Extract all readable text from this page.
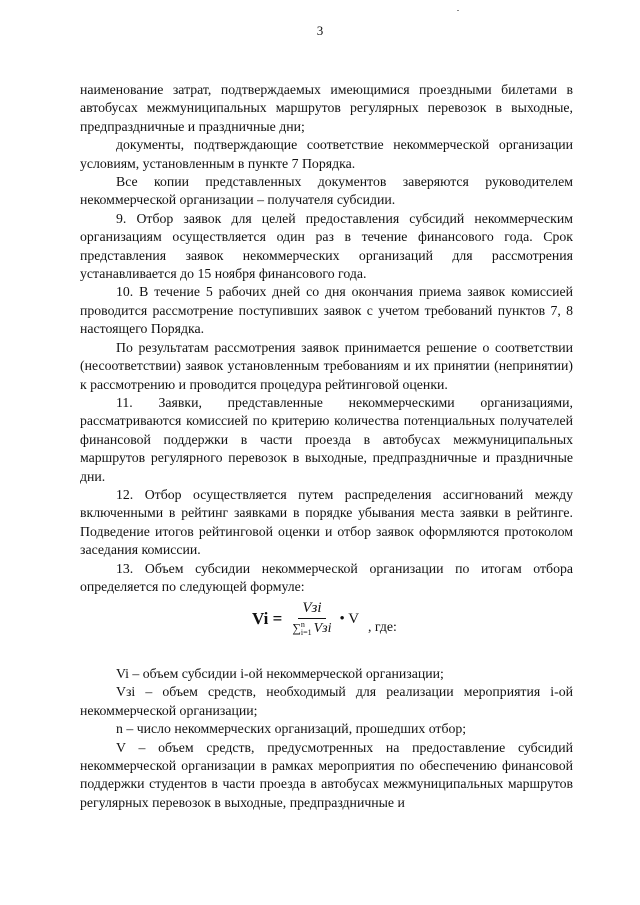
3

наименование затрат, подтверждаемых имеющимися проездными билетами в автобусах межмуниципальных маршрутов регулярных перевозок в выходные, предпраздничные и праздничные дни;

документы, подтверждающие соответствие некоммерческой организации условиям, установленным в пункте 7 Порядка.

Все копии представленных документов заверяются руководителем некоммерческой организации – получателя субсидии.

9. Отбор заявок для целей предоставления субсидий некоммерческим организациям осуществляется один раз в течение финансового года. Срок представления заявок некоммерческих организаций для рассмотрения устанавливается до 15 ноября финансового года.

10. В течение 5 рабочих дней со дня окончания приема заявок комиссией проводится рассмотрение поступивших заявок с учетом требований пунктов 7, 8 настоящего Порядка.

По результатам рассмотрения заявок принимается решение о соответствии (несоответствии) заявок установленным требованиям и их принятии (непринятии) к рассмотрению и проводится процедура рейтинговой оценки.

11. Заявки, представленные некоммерческими организациями, рассматриваются комиссией по критерию количества потенциальных получателей финансовой поддержки в части проезда в автобусах межмуниципальных маршрутов регулярного перевозок в выходные, предпраздничные и праздничные дни.

12. Отбор осуществляется путем распределения ассигнований между включенными в рейтинг заявками в порядке убывания места заявки в рейтинге. Подведение итогов рейтинговой оценки и отбор заявок оформляются протоколом заседания комиссии.

13. Объем субсидии некоммерческой организации по итогам отбора определяется по следующей формуле:

Vi = Vзi
∑ n
i=1 Vзi • V , где:

Vi – объем субсидии i-ой некоммерческой организации;

Vзi – объем средств, необходимый для реализации мероприятия i-ой некоммерческой организации;

n – число некоммерческих организаций, прошедших отбор;

V – объем средств, предусмотренных на предоставление субсидий некоммерческой организации в рамках мероприятия по обеспечению финансовой поддержки студентов в части проезда в автобусах межмуниципальных маршрутов регулярных перевозок в выходные, предпраздничные и
